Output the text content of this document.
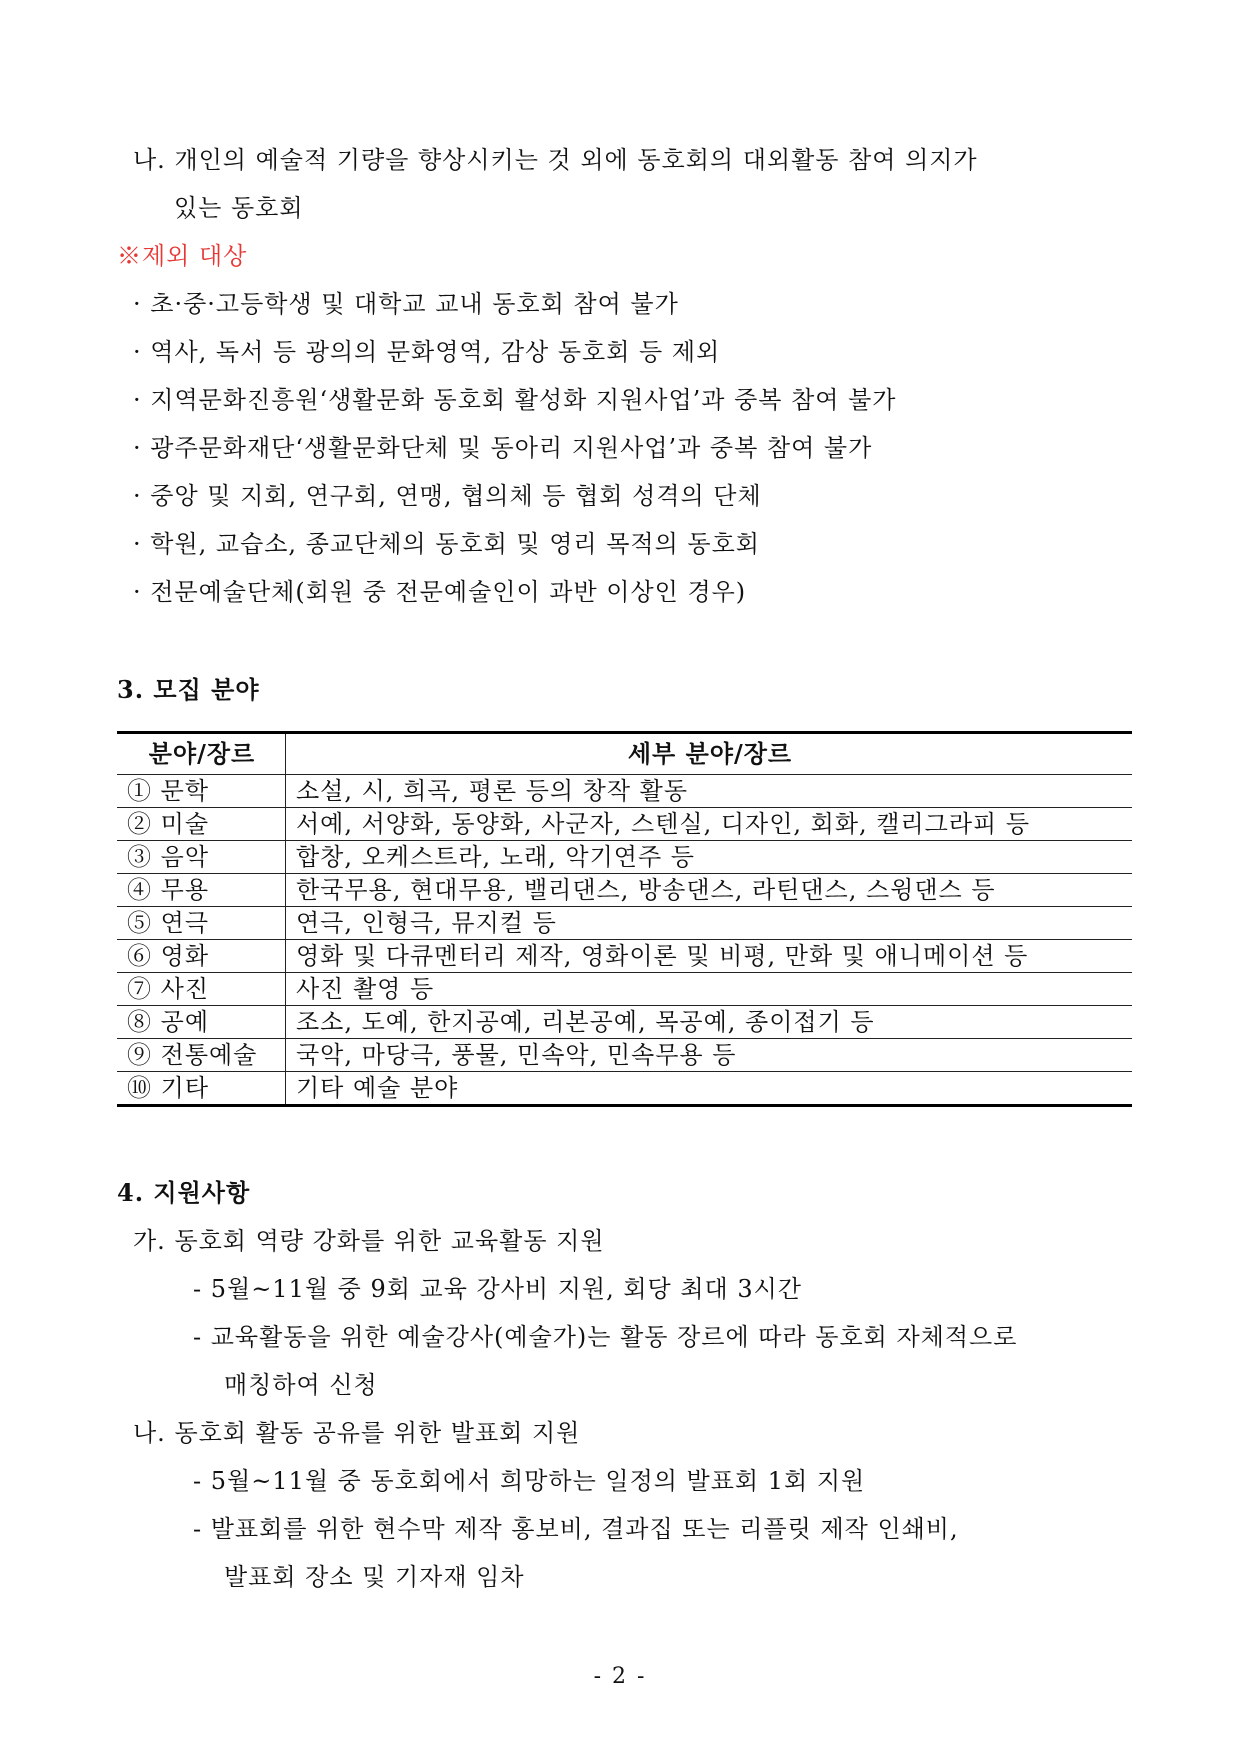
나. 개인의 예술적 기량을 향상시키는 것 외에 동호회의 대외활동 참여 의지가
있는 동호회
※제외 대상
· 초·중·고등학생 및 대학교 교내 동호회 참여 불가
· 역사, 독서 등 광의의 문화영역, 감상 동호회 등 제외
· 지역문화진흥원‘생활문화 동호회 활성화 지원사업’과 중복 참여 불가
· 광주문화재단‘생활문화단체 및 동아리 지원사업’과 중복 참여 불가
· 중앙 및 지회, 연구회, 연맹, 협의체 등 협회 성격의 단체
· 학원, 교습소, 종교단체의 동호회 및 영리 목적의 동호회
· 전문예술단체(회원 중 전문예술인이 과반 이상인 경우)
3. 모집 분야
분야/장르	세부 분야/장르
① 문학	소설, 시, 희곡, 평론 등의 창작 활동
② 미술	서예, 서양화, 동양화, 사군자, 스텐실, 디자인, 회화, 캘리그라피 등
③ 음악	합창, 오케스트라, 노래, 악기연주 등
④ 무용	한국무용, 현대무용, 밸리댄스, 방송댄스, 라틴댄스, 스윙댄스 등
⑤ 연극	연극, 인형극, 뮤지컬 등
⑥ 영화	영화 및 다큐멘터리 제작, 영화이론 및 비평, 만화 및 애니메이션 등
⑦ 사진	사진 촬영 등
⑧ 공예	조소, 도예, 한지공예, 리본공예, 목공예, 종이접기 등
⑨ 전통예술	국악, 마당극, 풍물, 민속악, 민속무용 등
⑩ 기타	기타 예술 분야
4. 지원사항
가. 동호회 역량 강화를 위한 교육활동 지원
- 5월~11월 중 9회 교육 강사비 지원, 회당 최대 3시간
- 교육활동을 위한 예술강사(예술가)는 활동 장르에 따라 동호회 자체적으로
매칭하여 신청
나. 동호회 활동 공유를 위한 발표회 지원
- 5월~11월 중 동호회에서 희망하는 일정의 발표회 1회 지원
- 발표회를 위한 현수막 제작 홍보비, 결과집 또는 리플릿 제작 인쇄비,
발표회 장소 및 기자재 임차
- 2 -
